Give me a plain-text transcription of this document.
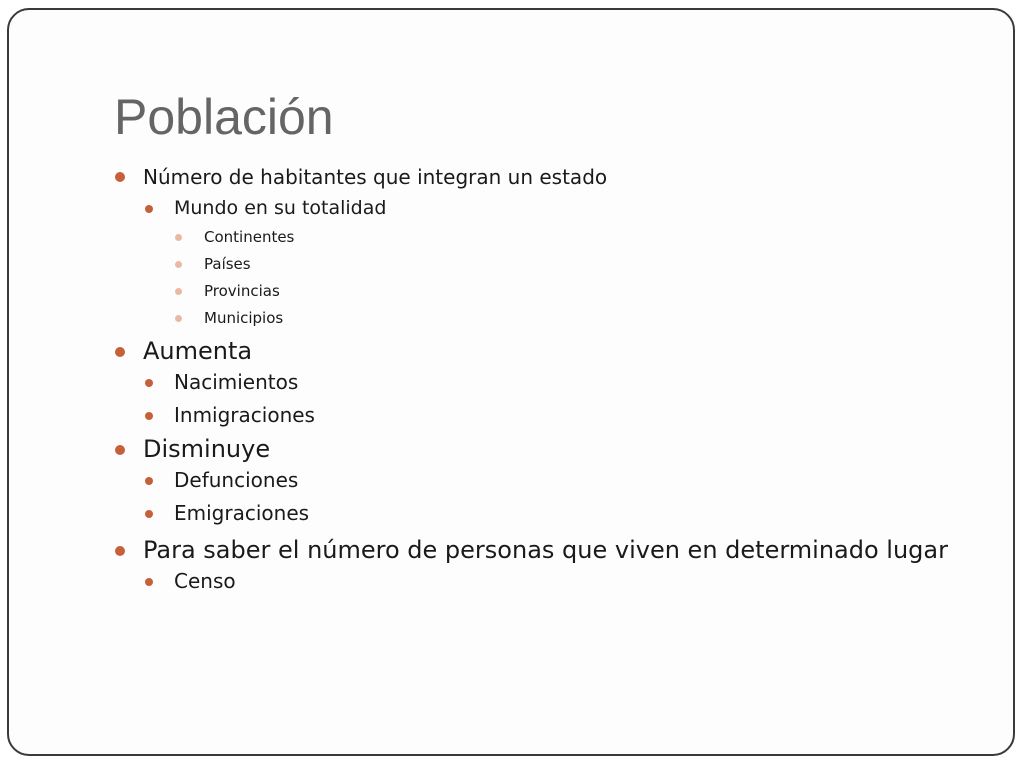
Población
Número de habitantes que integran un estado
Mundo en su totalidad
Continentes
Países
Provincias
Municipios
Aumenta
Nacimientos
Inmigraciones
Disminuye
Defunciones
Emigraciones
Para saber el número de personas que viven en determinado lugar
Censo
